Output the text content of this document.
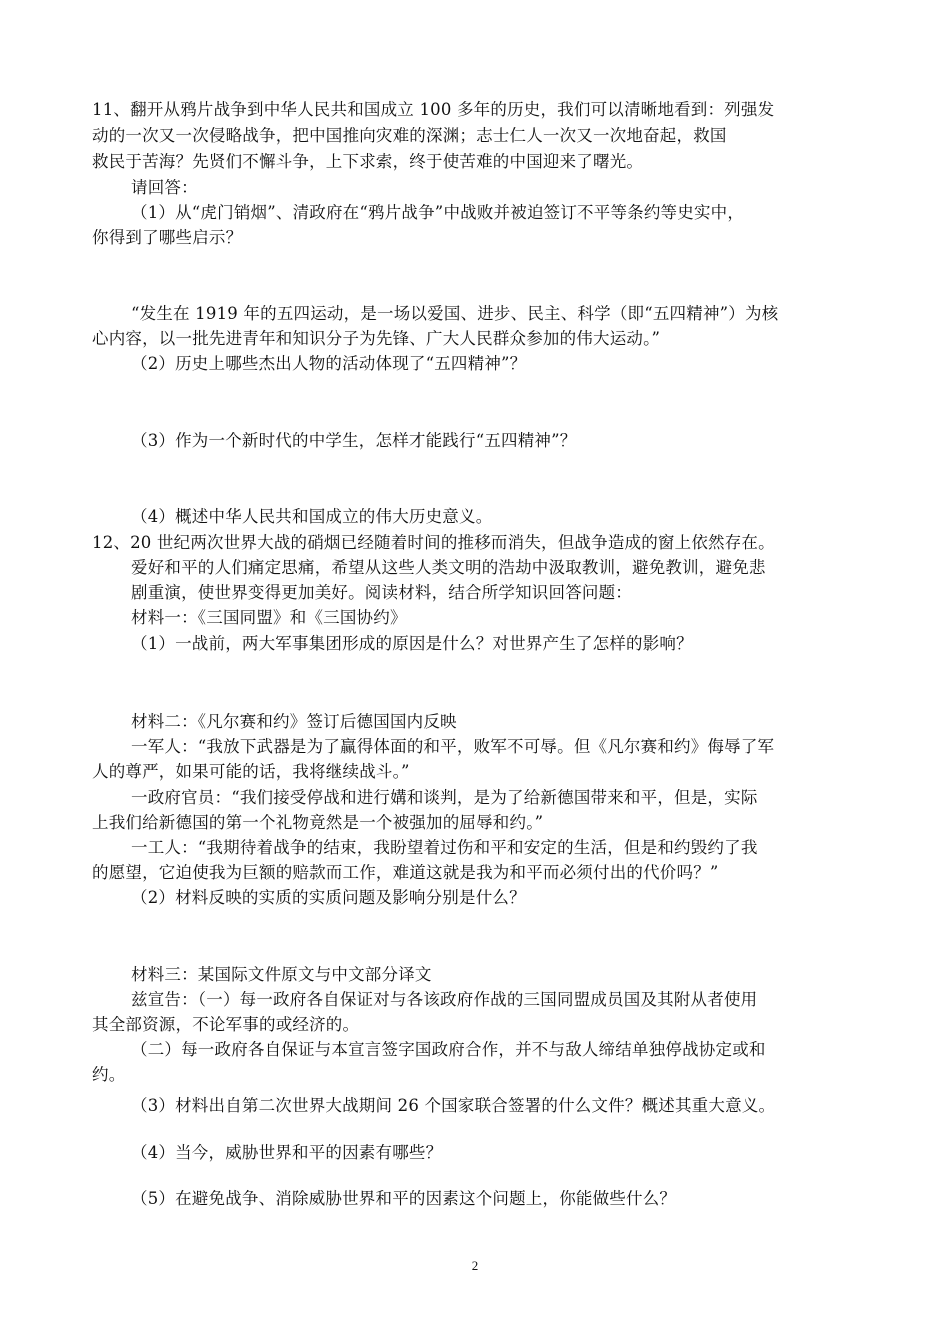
11、翻开从鸦片战争到中华人民共和国成立 100 多年的历史，我们可以清晰地看到：列强发
动的一次又一次侵略战争，把中国推向灾难的深渊；志士仁人一次又一次地奋起，救国
救民于苦海？先贤们不懈斗争，上下求索，终于使苦难的中国迎来了曙光。
请回答：
（1）从“虎门销烟”、清政府在“鸦片战争”中战败并被迫签订不平等条约等史实中，
你得到了哪些启示？
“发生在 1919 年的五四运动，是一场以爱国、进步、民主、科学（即“五四精神”）为核
心内容，以一批先进青年和知识分子为先锋、广大人民群众参加的伟大运动。”
（2）历史上哪些杰出人物的活动体现了“五四精神”？
（3）作为一个新时代的中学生，怎样才能践行“五四精神”？
（4）概述中华人民共和国成立的伟大历史意义。
12、20 世纪两次世界大战的硝烟已经随着时间的推移而消失，但战争造成的窗上依然存在。
爱好和平的人们痛定思痛，希望从这些人类文明的浩劫中汲取教训，避免教训，避免悲
剧重演，使世界变得更加美好。阅读材料，结合所学知识回答问题：
材料一：《三国同盟》和《三国协约》
（1）一战前，两大军事集团形成的原因是什么？对世界产生了怎样的影响？
材料二：《凡尔赛和约》签订后德国国内反映
一军人：“我放下武器是为了赢得体面的和平，败军不可辱。但《凡尔赛和约》侮辱了军
人的尊严，如果可能的话，我将继续战斗。”
一政府官员：“我们接受停战和进行媾和谈判，是为了给新德国带来和平，但是，实际
上我们给新德国的第一个礼物竟然是一个被强加的屈辱和约。”
一工人：“我期待着战争的结束，我盼望着过伤和平和安定的生活，但是和约毁约了我
的愿望，它迫使我为巨额的赔款而工作，难道这就是我为和平而必须付出的代价吗？”
（2）材料反映的实质的实质问题及影响分别是什么？
材料三：某国际文件原文与中文部分译文
兹宣告：（一）每一政府各自保证对与各该政府作战的三国同盟成员国及其附从者使用
其全部资源，不论军事的或经济的。
（二）每一政府各自保证与本宣言签字国政府合作，并不与敌人缔结单独停战协定或和
约。
（3）材料出自第二次世界大战期间 26 个国家联合签署的什么文件？概述其重大意义。
（4）当今，威胁世界和平的因素有哪些？
（5）在避免战争、消除威胁世界和平的因素这个问题上，你能做些什么？
2
